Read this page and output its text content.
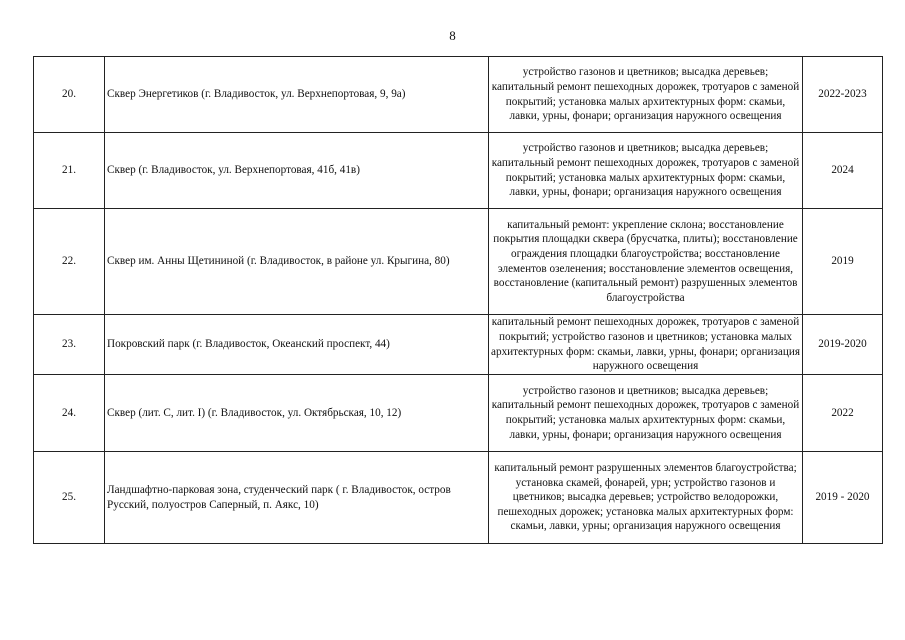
8
20.	Сквер Энергетиков (г. Владивосток, ул. Верхнепортовая, 9, 9а)	устройство газонов и цветников; высадка деревьев; капитальный ремонт пешеходных дорожек, тротуаров с заменой покрытий; установка малых архитектурных форм: скамьи, лавки, урны, фонари; организация наружного освещения	2022-2023
21.	Сквер (г. Владивосток, ул. Верхнепортовая, 41б, 41в)	устройство газонов и цветников; высадка деревьев; капитальный ремонт пешеходных дорожек, тротуаров с заменой покрытий; установка малых архитектурных форм: скамьи, лавки, урны, фонари; организация наружного освещения	2024
22.	Сквер им. Анны Щетининой (г. Владивосток, в районе ул. Крыгина, 80)	капитальный ремонт: укрепление склона; восстановление покрытия площадки сквера (брусчатка, плиты); восстановление ограждения площадки благоустройства; восстановление элементов озеленения; восстановление элементов освещения, восстановление (капитальный ремонт) разрушенных элементов благоустройства	2019
23.	Покровский парк (г. Владивосток, Океанский проспект, 44)	капитальный ремонт пешеходных дорожек, тротуаров с заменой покрытий; устройство газонов и цветников; установка малых архитектурных форм: скамьи, лавки, урны, фонари; организация наружного освещения	2019-2020
24.	Сквер (лит. С, лит. I) (г. Владивосток, ул. Октябрьская, 10, 12)	устройство газонов и цветников; высадка деревьев; капитальный ремонт пешеходных дорожек, тротуаров с заменой покрытий; установка малых архитектурных форм: скамьи, лавки, урны, фонари; организация наружного освещения	2022
25.	Ландшафтно-парковая зона, студенческий парк ( г. Владивосток, остров Русский, полуостров Саперный, п. Аякс, 10)	капитальный ремонт разрушенных элементов благоустройства; установка скамей, фонарей, урн; устройство газонов и цветников; высадка деревьев; устройство велодорожки, пешеходных дорожек; установка малых архитектурных форм: скамьи, лавки, урны; организация наружного освещения	2019 - 2020
